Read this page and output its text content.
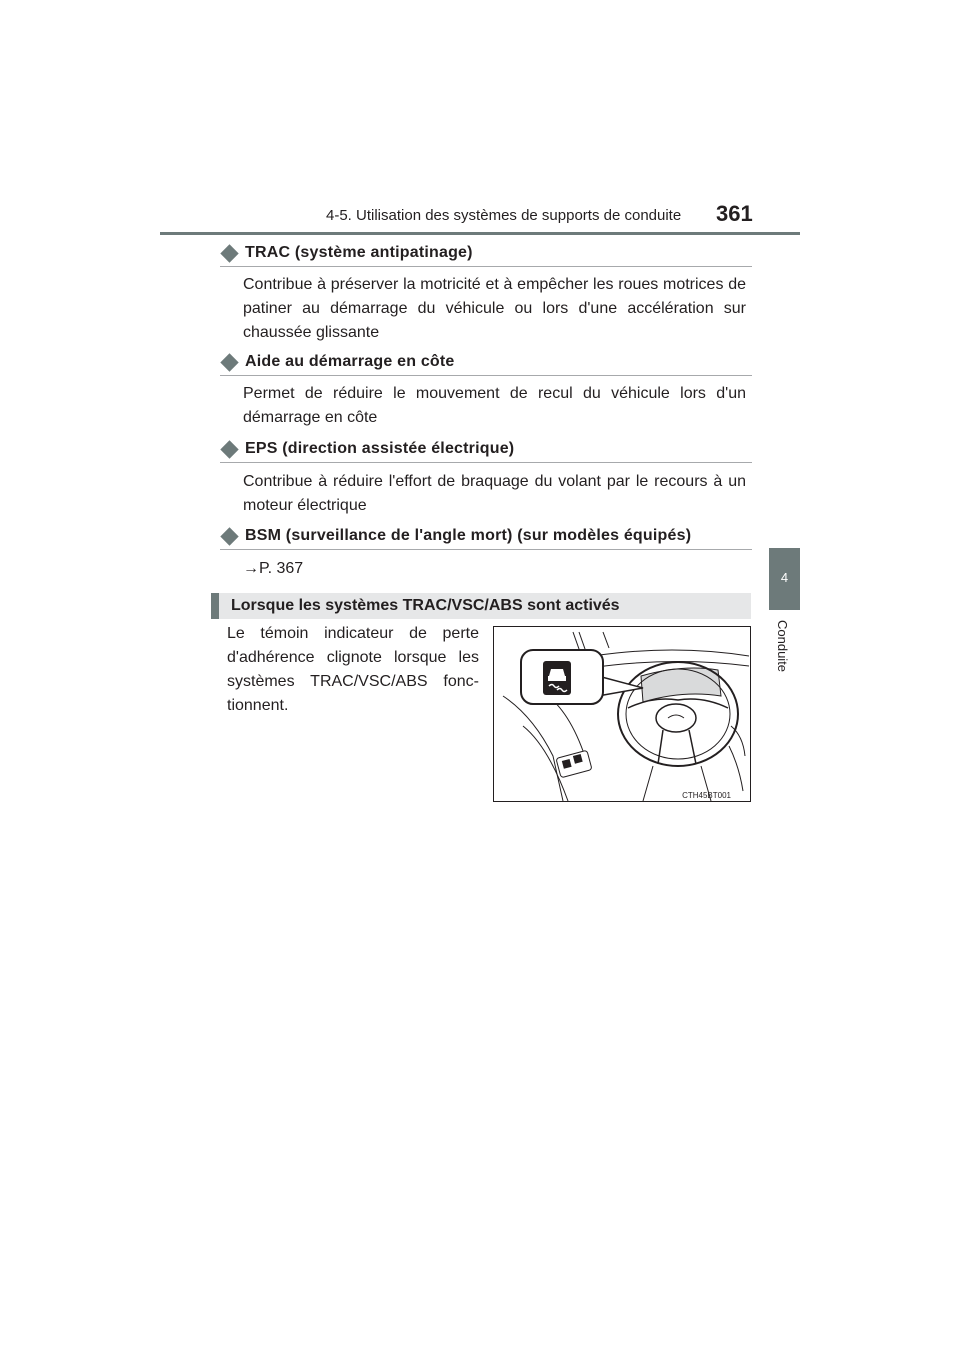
4-5. Utilisation des systèmes de supports de conduite 361
4
Conduite
TRAC (système antipatinage)
Contribue à préserver la motricité et à empêcher les roues motrices de patiner au démarrage du véhicule ou lors d'une accélération sur chaussée glissante
Aide au démarrage en côte
Permet de réduire le mouvement de recul du véhicule lors d'un démarrage en côte
EPS (direction assistée électrique)
Contribue à réduire l'effort de braquage du volant par le recours à un moteur électrique
BSM (surveillance de l'angle mort) (sur modèles équipés)
→P. 367
Lorsque les systèmes TRAC/VSC/ABS sont activés
Le témoin indicateur de perte d'adhérence clignote lorsque les systèmes TRAC/VSC/ABS fonc-tionnent.
CTH45BT001
